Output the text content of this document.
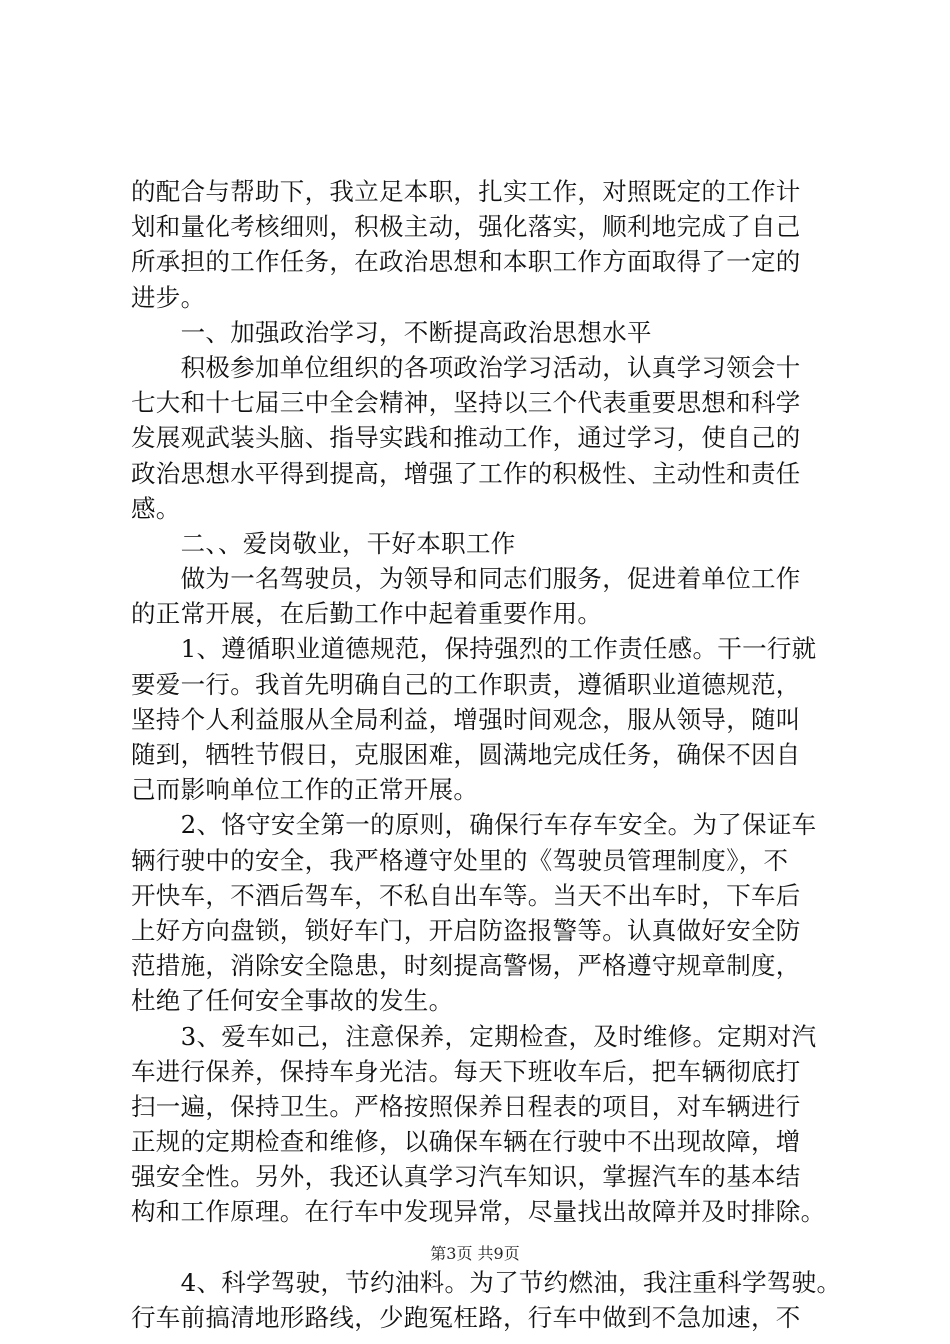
的配合与帮助下，我立足本职，扎实工作，对照既定的工作计
划和量化考核细则，积极主动，强化落实，顺利地完成了自己
所承担的工作任务，在政治思想和本职工作方面取得了一定的
进步。
　　一、加强政治学习，不断提高政治思想水平
　　积极参加单位组织的各项政治学习活动，认真学习领会十
七大和十七届三中全会精神，坚持以三个代表重要思想和科学
发展观武装头脑、指导实践和推动工作，通过学习，使自己的
政治思想水平得到提高，增强了工作的积极性、主动性和责任
感。
　　二、、爱岗敬业，干好本职工作
　　做为一名驾驶员，为领导和同志们服务，促进着单位工作
的正常开展，在后勤工作中起着重要作用。
　　1、遵循职业道德规范，保持强烈的工作责任感。干一行就
要爱一行。我首先明确自己的工作职责，遵循职业道德规范，
坚持个人利益服从全局利益，增强时间观念，服从领导，随叫
随到，牺牲节假日，克服困难，圆满地完成任务，确保不因自
己而影响单位工作的正常开展。
　　2、恪守安全第一的原则，确保行车存车安全。为了保证车
辆行驶中的安全，我严格遵守处里的《驾驶员管理制度》，不
开快车，不酒后驾车，不私自出车等。当天不出车时，下车后
上好方向盘锁，锁好车门，开启防盗报警等。认真做好安全防
范措施，消除安全隐患，时刻提高警惕，严格遵守规章制度，
杜绝了任何安全事故的发生。
　　3、爱车如己，注意保养，定期检查，及时维修。定期对汽
车进行保养，保持车身光洁。每天下班收车后，把车辆彻底打
扫一遍，保持卫生。严格按照保养日程表的项目，对车辆进行
正规的定期检查和维修，以确保车辆在行驶中不出现故障，增
强安全性。另外，我还认真学习汽车知识，掌握汽车的基本结
构和工作原理。在行车中发现异常，尽量找出故障并及时排除。
　　4、科学驾驶，节约油料。为了节约燃油，我注重科学驾驶。
行车前搞清地形路线，少跑冤枉路，行车中做到不急加速，不
第3页 共9页
